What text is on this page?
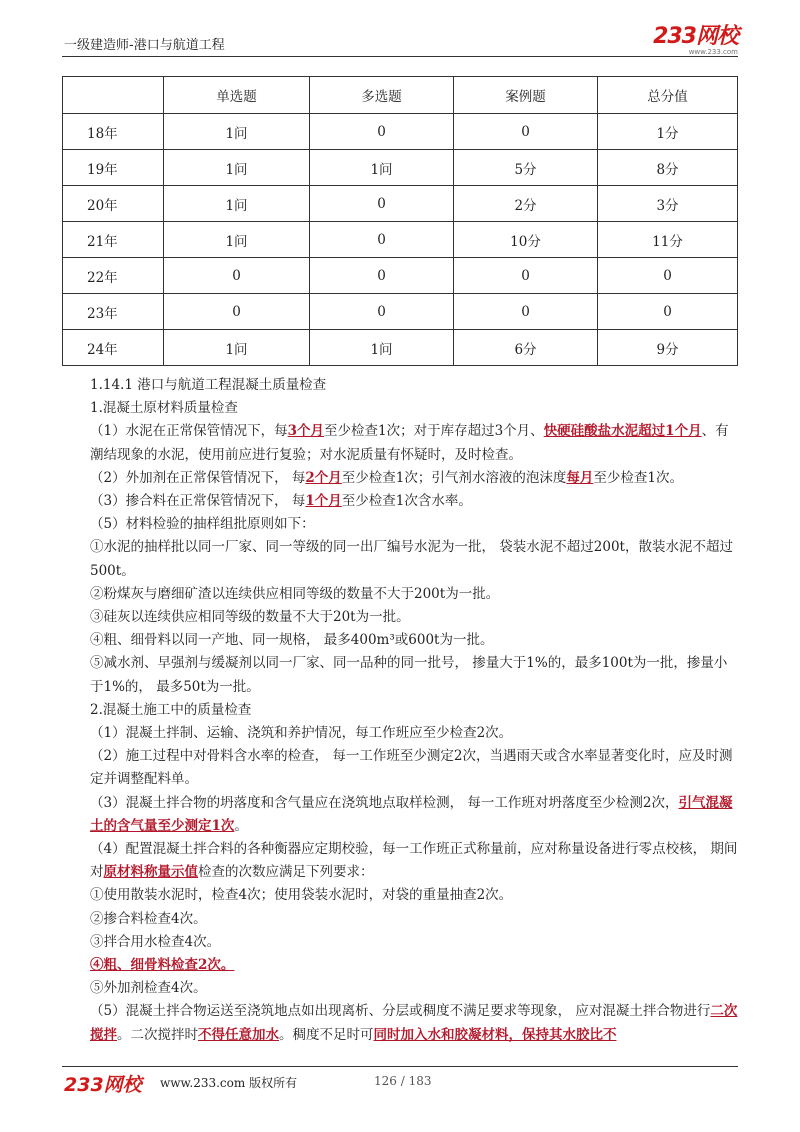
一级建造师-港口与航道工程	233网校
www.233.com
	单选题	多选题	案例题	总分值
18年	1问	0	0	1分
19年	1问	1问	5分	8分
20年	1问	0	2分	3分
21年	1问	0	10分	11分
22年	0	0	0	0
23年	0	0	0	0
24年	1问	1问	6分	9分

1.14.1 港口与航道工程混凝土质量检查

1.混凝土原材料质量检查

（1）水泥在正常保管情况下，每3个月至少检查1次；对于库存超过3个月、快硬硅酸盐水泥超过1个月、有潮结现象的水泥，使用前应进行复验；对水泥质量有怀疑时，及时检查。

（2）外加剂在正常保管情况下， 每2个月至少检查1次；引气剂水溶液的泡沫度每月至少检查1次。

（3）掺合料在正常保管情况下， 每1个月至少检查1次含水率。

（5）材料检验的抽样组批原则如下：

①水泥的抽样批以同一厂家、同一等级的同一出厂编号水泥为一批， 袋装水泥不超过200t，散装水泥不超过500t。

②粉煤灰与磨细矿渣以连续供应相同等级的数量不大于200t为一批。

③硅灰以连续供应相同等级的数量不大于20t为一批。

④粗、细骨料以同一产地、同一规格， 最多400m³或600t为一批。

⑤减水剂、早强剂与缓凝剂以同一厂家、同一品种的同一批号， 掺量大于1%的，最多100t为一批，掺量小于1%的， 最多50t为一批。

2.混凝土施工中的质量检查

（1）混凝土拌制、运输、浇筑和养护情况，每工作班应至少检查2次。

（2）施工过程中对骨料含水率的检查， 每一工作班至少测定2次，当遇雨天或含水率显著变化时，应及时测定并调整配料单。

（3）混凝土拌合物的坍落度和含气量应在浇筑地点取样检测， 每一工作班对坍落度至少检测2次，引气混凝土的含气量至少测定1次。

（4）配置混凝土拌合料的各种衡器应定期校验，每一工作班正式称量前，应对称量设备进行零点校核， 期间对原材料称量示值检查的次数应满足下列要求：

①使用散装水泥时，检查4次；使用袋装水泥时，对袋的重量抽查2次。

②掺合料检查4次。

③拌合用水检查4次。

④粗、细骨料检查2次。

⑤外加剂检查4次。

（5）混凝土拌合物运送至浇筑地点如出现离析、分层或稠度不满足要求等现象， 应对混凝土拌合物进行二次搅拌。二次搅拌时不得任意加水。稠度不足时可同时加入水和胶凝材料，保持其水胶比不

233网校 www.233.com 版权所有	126 / 183
